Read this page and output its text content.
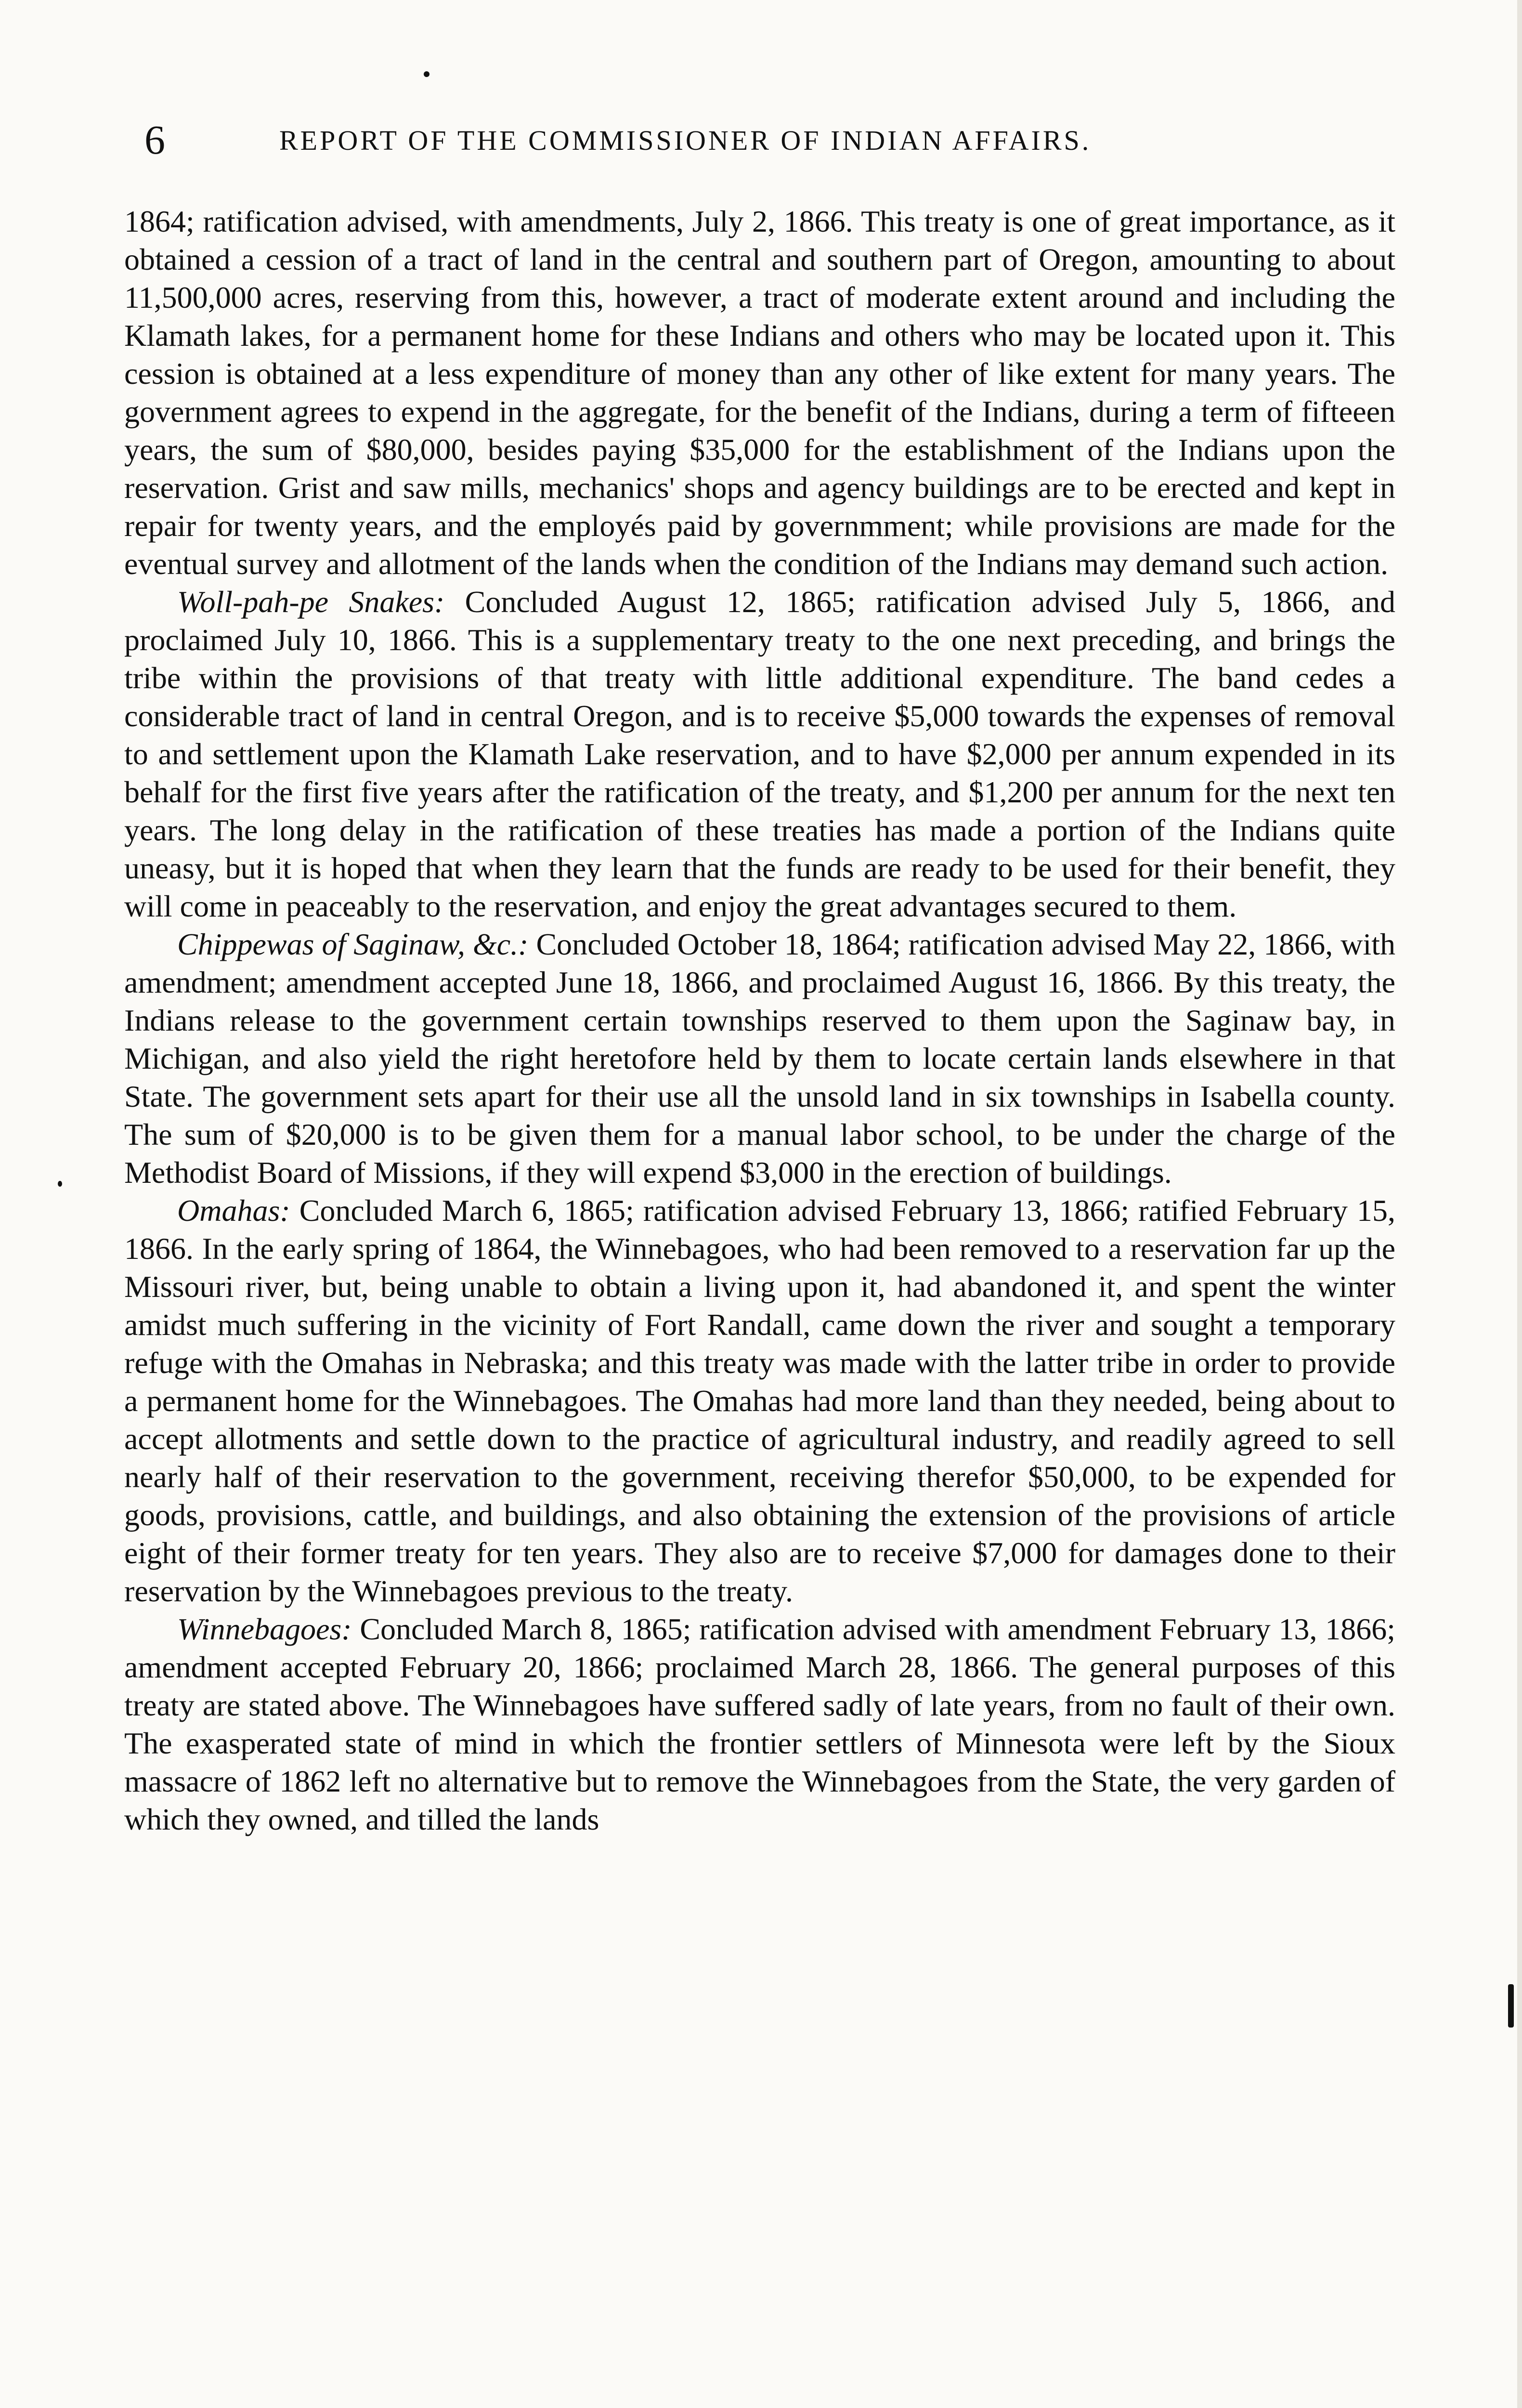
6	REPORT OF THE COMMISSIONER OF INDIAN AFFAIRS.

1864; ratification advised, with amendments, July 2, 1866. This treaty is one of great importance, as it obtained a cession of a tract of land in the central and southern part of Oregon, amounting to about 11,500,000 acres, reserving from this, however, a tract of moderate extent around and including the Klamath lakes, for a permanent home for these Indians and others who may be located upon it. This cession is obtained at a less expenditure of money than any other of like extent for many years. The government agrees to expend in the aggregate, for the benefit of the Indians, during a term of fifteeen years, the sum of $80,000, besides paying $35,000 for the establishment of the Indians upon the reservation. Grist and saw mills, mechanics' shops and agency buildings are to be erected and kept in repair for twenty years, and the employés paid by governmment; while provisions are made for the eventual survey and allotment of the lands when the condition of the Indians may demand such action.

Woll-pah-pe Snakes: Concluded August 12, 1865; ratification advised July 5, 1866, and proclaimed July 10, 1866. This is a supplementary treaty to the one next preceding, and brings the tribe within the provisions of that treaty with little additional expenditure. The band cedes a considerable tract of land in central Oregon, and is to receive $5,000 towards the expenses of removal to and settlement upon the Klamath Lake reservation, and to have $2,000 per annum expended in its behalf for the first five years after the ratification of the treaty, and $1,200 per annum for the next ten years. The long delay in the ratification of these treaties has made a portion of the Indians quite uneasy, but it is hoped that when they learn that the funds are ready to be used for their benefit, they will come in peaceably to the reservation, and enjoy the great advantages secured to them.

Chippewas of Saginaw, &c.: Concluded October 18, 1864; ratification advised May 22, 1866, with amendment; amendment accepted June 18, 1866, and proclaimed August 16, 1866. By this treaty, the Indians release to the government certain townships reserved to them upon the Saginaw bay, in Michigan, and also yield the right heretofore held by them to locate certain lands elsewhere in that State. The government sets apart for their use all the unsold land in six townships in Isabella county. The sum of $20,000 is to be given them for a manual labor school, to be under the charge of the Methodist Board of Missions, if they will expend $3,000 in the erection of buildings.

Omahas: Concluded March 6, 1865; ratification advised February 13, 1866; ratified February 15, 1866. In the early spring of 1864, the Winnebagoes, who had been removed to a reservation far up the Missouri river, but, being unable to obtain a living upon it, had abandoned it, and spent the winter amidst much suffering in the vicinity of Fort Randall, came down the river and sought a temporary refuge with the Omahas in Nebraska; and this treaty was made with the latter tribe in order to provide a permanent home for the Winnebagoes. The Omahas had more land than they needed, being about to accept allotments and settle down to the practice of agricultural industry, and readily agreed to sell nearly half of their reservation to the government, receiving therefor $50,000, to be expended for goods, provisions, cattle, and buildings, and also obtaining the extension of the provisions of article eight of their former treaty for ten years. They also are to receive $7,000 for damages done to their reservation by the Winnebagoes previous to the treaty.

Winnebagoes: Concluded March 8, 1865; ratification advised with amendment February 13, 1866; amendment accepted February 20, 1866; proclaimed March 28, 1866. The general purposes of this treaty are stated above. The Winnebagoes have suffered sadly of late years, from no fault of their own. The exasperated state of mind in which the frontier settlers of Minnesota were left by the Sioux massacre of 1862 left no alternative but to remove the Winnebagoes from the State, the very garden of which they owned, and tilled the lands
